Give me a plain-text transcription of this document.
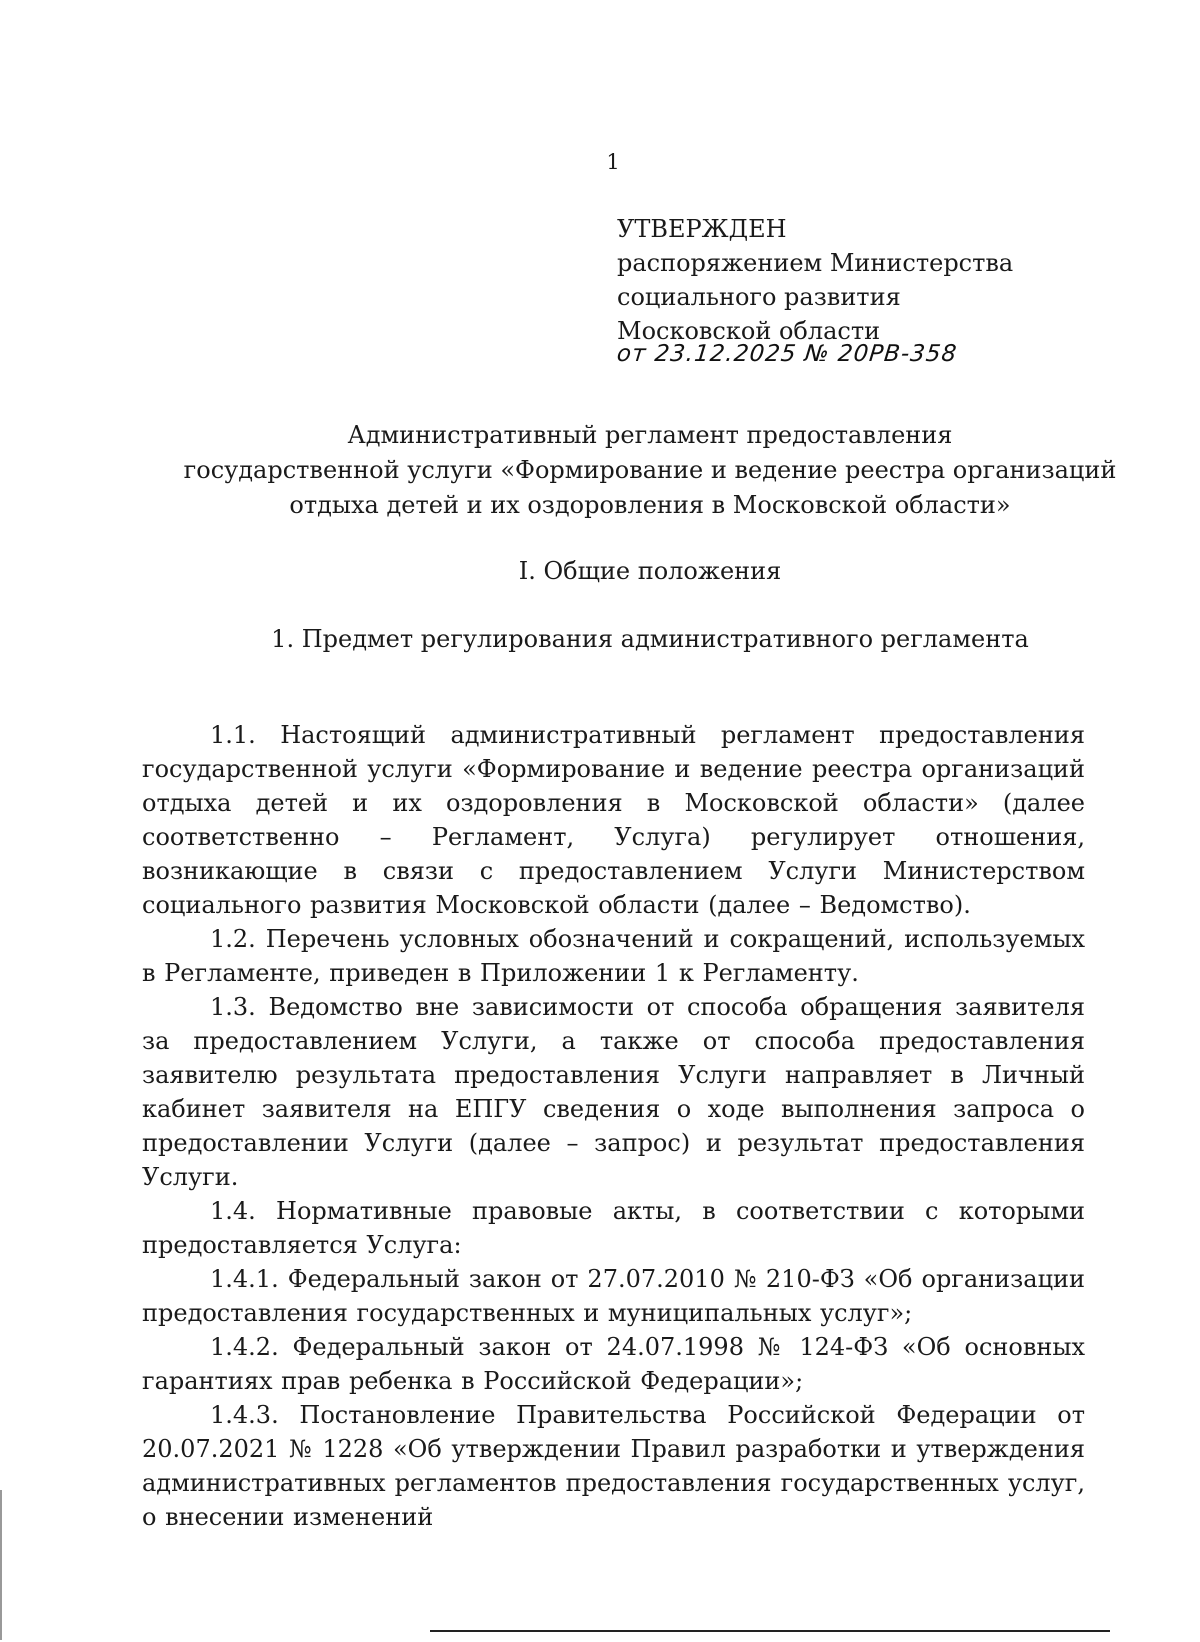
1
УТВЕРЖДЕН
распоряжением Министерства
социального развития
Московской области
от 23.12.2025 № 20РВ-358
Административный регламент предоставления
государственной услуги «Формирование и ведение реестра организаций
отдыха детей и их оздоровления в Московской области»
I. Общие положения
1. Предмет регулирования административного регламента

1.1. Настоящий административный регламент предоставления государственной услуги «Формирование и ведение реестра организаций отдыха детей и их оздоровления в Московской области» (далее соответственно – Регламент, Услуга) регулирует отношения, возникающие в связи с предоставлением Услуги Министерством социального развития Московской области (далее – Ведомство).

1.2. Перечень условных обозначений и сокращений, используемых в Регламенте, приведен в Приложении 1 к Регламенту.

1.3. Ведомство вне зависимости от способа обращения заявителя за предоставлением Услуги, а также от способа предоставления заявителю результата предоставления Услуги направляет в Личный кабинет заявителя на ЕПГУ сведения о ходе выполнения запроса о предоставлении Услуги (далее – запрос) и результат предоставления Услуги.

1.4. Нормативные правовые акты, в соответствии с которыми предоставляется Услуга:

1.4.1. Федеральный закон от 27.07.2010 № 210-ФЗ «Об организации предоставления государственных и муниципальных услуг»;

1.4.2. Федеральный закон от 24.07.1998 № 124-ФЗ «Об основных гарантиях прав ребенка в Российской Федерации»;

1.4.3. Постановление Правительства Российской Федерации от 20.07.2021 № 1228 «Об утверждении Правил разработки и утверждения административных регламентов предоставления государственных услуг, о внесении изменений
